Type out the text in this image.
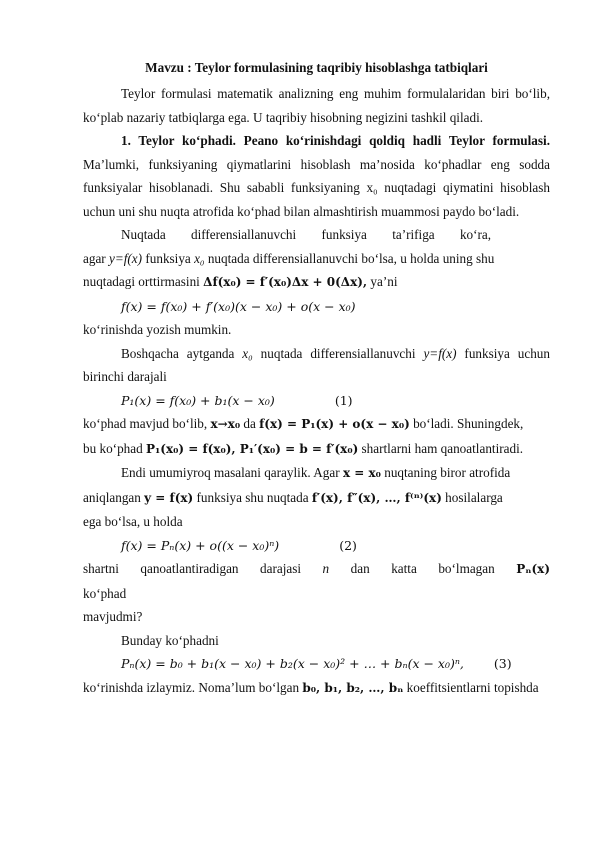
Mavzu : Teylor formulasining taqribiy hisoblashga tatbiqlari

Teylor formulasi matematik analizning eng muhim formulalaridan biri bo‘lib, ko‘plab nazariy tatbiqlarga ega. U taqribiy hisobning negizini tashkil qiladi.

1. Teylor ko‘phadi. Peano ko‘rinishdagi qoldiq hadli Teylor formulasi. Ma’lumki, funksiyaning qiymatlarini hisoblash ma’nosida ko‘phadlar eng sodda funksiyalar hisoblanadi. Shu sababli funksiyaning x₀ nuqtadagi qiymatini hisoblash uchun uni shu nuqta atrofida ko‘phad bilan almashtirish muammosi paydo bo‘ladi.

Nuqtada differensiallanuvchi funksiya ta’rifiga ko‘ra,

agar y=f(x) funksiya x₀ nuqtada differensiallanuvchi bo‘lsa, u holda uning shu

nuqtadagi orttirmasini Δf(x₀) = f′(x₀)Δx + 0(Δx), ya’ni

f(x) = f(x₀) + f′(x₀)(x − x₀) + o(x − x₀)

ko‘rinishda yozish mumkin.

Boshqacha aytganda x₀ nuqtada differensiallanuvchi y=f(x) funksiya uchun birinchi darajali

P₁(x) = f(x₀) + b₁(x − x₀)	(1)

ko‘phad mavjud bo‘lib, x→x₀ da f(x) = P₁(x) + o(x − x₀) bo‘ladi. Shuningdek,

bu ko‘phad P₁(x₀) = f(x₀), P₁′(x₀) = b = f′(x₀) shartlarni ham qanoatlantiradi.

Endi umumiyroq masalani qaraylik. Agar x = x₀ nuqtaning biror atrofida

aniqlangan y = f(x) funksiya shu nuqtada f′(x), f″(x), …, f⁽ⁿ⁾(x) hosilalarga

ega bo‘lsa, u holda

f(x) = Pₙ(x) + o((x − x₀)ⁿ)	(2)

shartni qanoatlantiradigan darajasi n dan katta bo‘lmagan Pₙ(x) ko‘phad

mavjudmi?

Bunday ko‘phadni

Pₙ(x) = b₀ + b₁(x − x₀) + b₂(x − x₀)² + … + bₙ(x − x₀)ⁿ, (3)

ko‘rinishda izlaymiz. Noma’lum bo‘lgan b₀, b₁, b₂, …, bₙ koeffitsientlarni topishda
